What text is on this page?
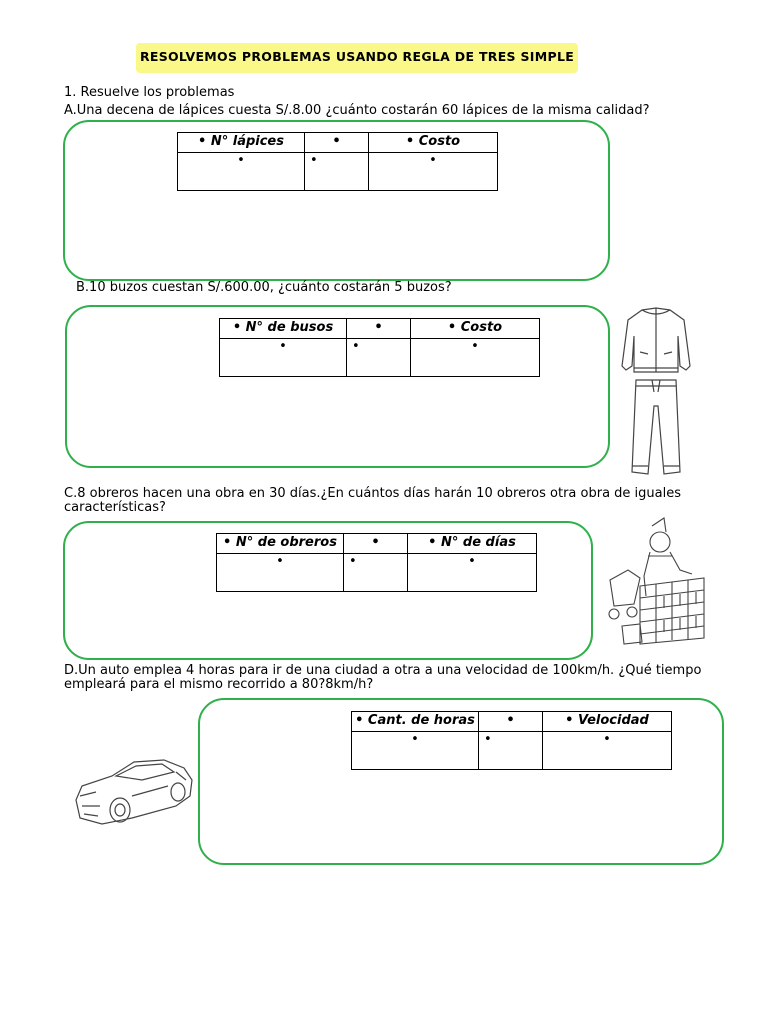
RESOLVEMOS PROBLEMAS USANDO REGLA DE TRES SIMPLE
1. Resuelve los problemas
A.Una decena de lápices cuesta S/.8.00 ¿cuánto costarán 60 lápices de la misma calidad?
• N° lápices	•	• Costo
•	•	•
B.10 buzos cuestan S/.600.00, ¿cuánto costarán 5 buzos?
• N° de busos	•	• Costo
•	•	•
C.8 obreros hacen una obra en 30 días.¿En cuántos días harán 10 obreros otra obra de iguales
características?
• N° de obreros	•	• N° de días
•	•	•
D.Un auto emplea 4 horas para ir de una ciudad a otra a una velocidad de 100km/h. ¿Qué tiempo
empleará para el mismo recorrido a 80?8km/h?
• Cant. de horas	•	• Velocidad
•	•	•
